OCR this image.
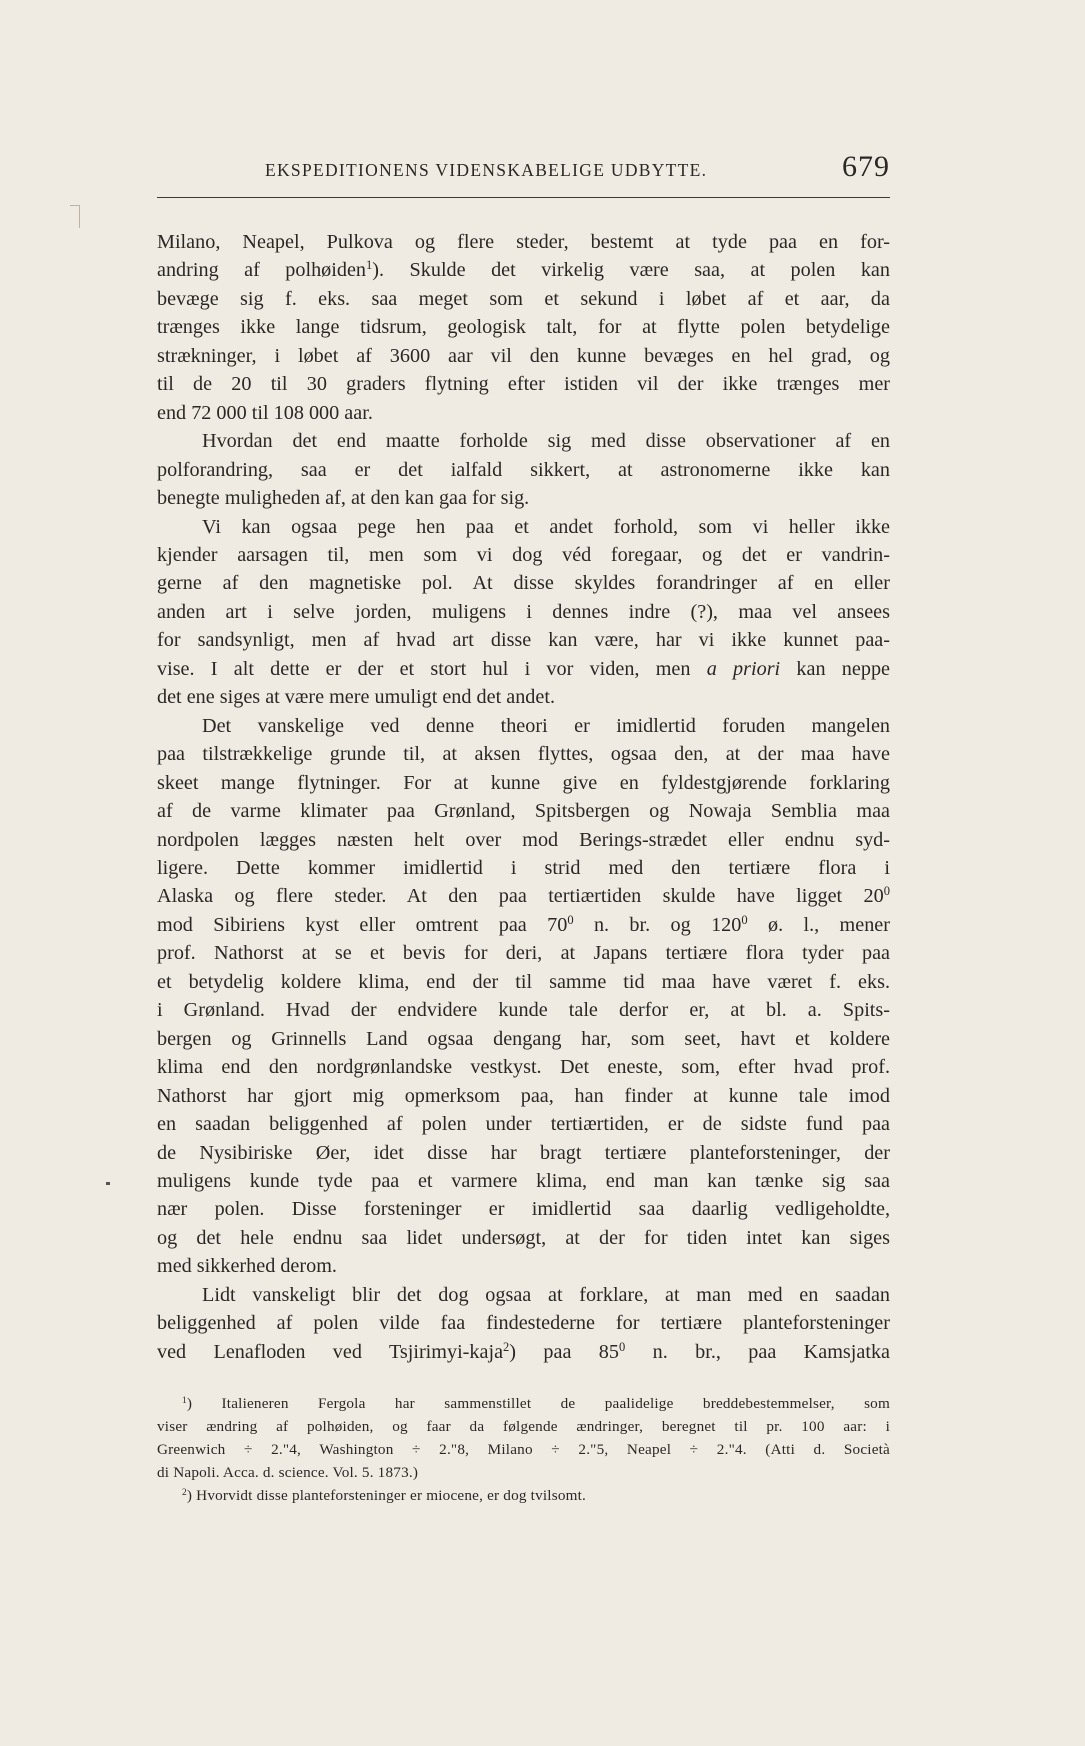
EKSPEDITIONENS VIDENSKABELIGE UDBYTTE.	679
Milano, Neapel, Pulkova og flere steder, bestemt at tyde paa en for-
andring af polhøiden$^1$). Skulde det virkelig være saa, at polen kan
bevæge sig f. eks. saa meget som et sekund i løbet af et aar, da
trænges ikke lange tidsrum, geologisk talt, for at flytte polen betydelige
strækninger, i løbet af 3600 aar vil den kunne bevæges en hel grad, og
til de 20 til 30 graders flytning efter istiden vil der ikke trænges mer
end 72 000 til 108 000 aar.
Hvordan det end maatte forholde sig med disse observationer af en
polforandring, saa er det ialfald sikkert, at astronomerne ikke kan
benegte muligheden af, at den kan gaa for sig.
Vi kan ogsaa pege hen paa et andet forhold, som vi heller ikke
kjender aarsagen til, men som vi dog véd foregaar, og det er vandrin-
gerne af den magnetiske pol. At disse skyldes forandringer af en eller
anden art i selve jorden, muligens i dennes indre (?), maa vel ansees
for sandsynligt, men af hvad art disse kan være, har vi ikke kunnet paa-
vise. I alt dette er der et stort hul i vor viden, men a priori kan neppe
det ene siges at være mere umuligt end det andet.
Det vanskelige ved denne theori er imidlertid foruden mangelen
paa tilstrækkelige grunde til, at aksen flyttes, ogsaa den, at der maa have
skeet mange flytninger. For at kunne give en fyldestgjørende forklaring
af de varme klimater paa Grønland, Spitsbergen og Nowaja Semblia maa
nordpolen lægges næsten helt over mod Berings-strædet eller endnu syd-
ligere. Dette kommer imidlertid i strid med den tertiære flora i
Alaska og flere steder. At den paa tertiærtiden skulde have ligget $20^0$
mod Sibiriens kyst eller omtrent paa $70^0$ n. br. og $120^0$ ø. l., mener
prof. Nathorst at se et bevis for deri, at Japans tertiære flora tyder paa
et betydelig koldere klima, end der til samme tid maa have været f. eks.
i Grønland. Hvad der endvidere kunde tale derfor er, at bl. a. Spits-
bergen og Grinnells Land ogsaa dengang har, som seet, havt et koldere
klima end den nordgrønlandske vestkyst. Det eneste, som, efter hvad prof.
Nathorst har gjort mig opmerksom paa, han finder at kunne tale imod
en saadan beliggenhed af polen under tertiærtiden, er de sidste fund paa
de Nysibiriske Øer, idet disse har bragt tertiære planteforsteninger, der
muligens kunde tyde paa et varmere klima, end man kan tænke sig saa
nær polen. Disse forsteninger er imidlertid saa daarlig vedligeholdte,
og det hele endnu saa lidet undersøgt, at der for tiden intet kan siges
med sikkerhed derom.
Lidt vanskeligt blir det dog ogsaa at forklare, at man med en saadan
beliggenhed af polen vilde faa findestederne for tertiære planteforsteninger
ved Lenafloden ved Tsjirimyi-kaja$^2$) paa $85^0$ n. br., paa Kamsjatka
$^1$) Italieneren Fergola har sammenstillet de paalidelige breddebestemmelser, som
viser ændring af polhøiden, og faar da følgende ændringer, beregnet til pr. 100 aar: i
Greenwich ÷ 2."4, Washington ÷ 2."8, Milano ÷ 2."5, Neapel ÷ 2."4. (Atti d. Società
di Napoli. Acca. d. science. Vol. 5. 1873.)
$^2$) Hvorvidt disse planteforsteninger er miocene, er dog tvilsomt.
